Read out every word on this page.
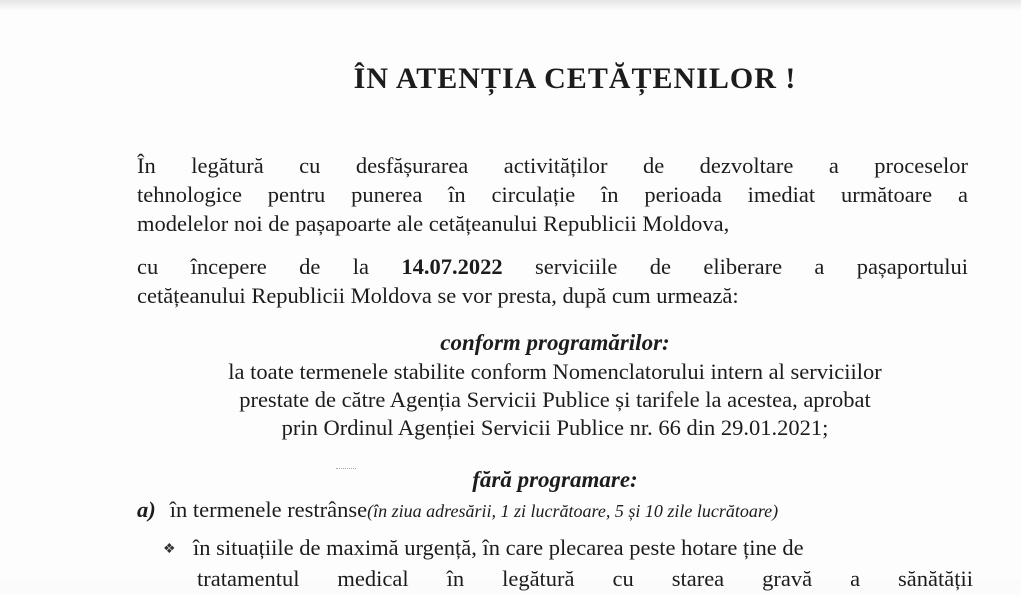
ÎN ATENȚIA CETĂȚENILOR !
În legătură cu desfășurarea activităților de dezvoltare a proceselor
tehnologice pentru punerea în circulație în perioada imediat următoare a
modelelor noi de pașapoarte ale cetățeanului Republicii Moldova,
cu începere de la 14.07.2022 serviciile de eliberare a pașaportului
cetățeanului Republicii Moldova se vor presta, după cum urmează:
conform programărilor:
la toate termenele stabilite conform Nomenclatorului intern al serviciilor
prestate de către Agenția Servicii Publice și tarifele la acestea, aprobat
prin Ordinul Agenției Servicii Publice nr. 66 din 29.01.2021;
fără programare:
a) în termenele restrânse(în ziua adresării, 1 zi lucrătoare, 5 și 10 zile lucrătoare)
❖ în situațiile de maximă urgență, în care plecarea peste hotare ține de
tratamentul medical în legătură cu starea gravă a sănătății
